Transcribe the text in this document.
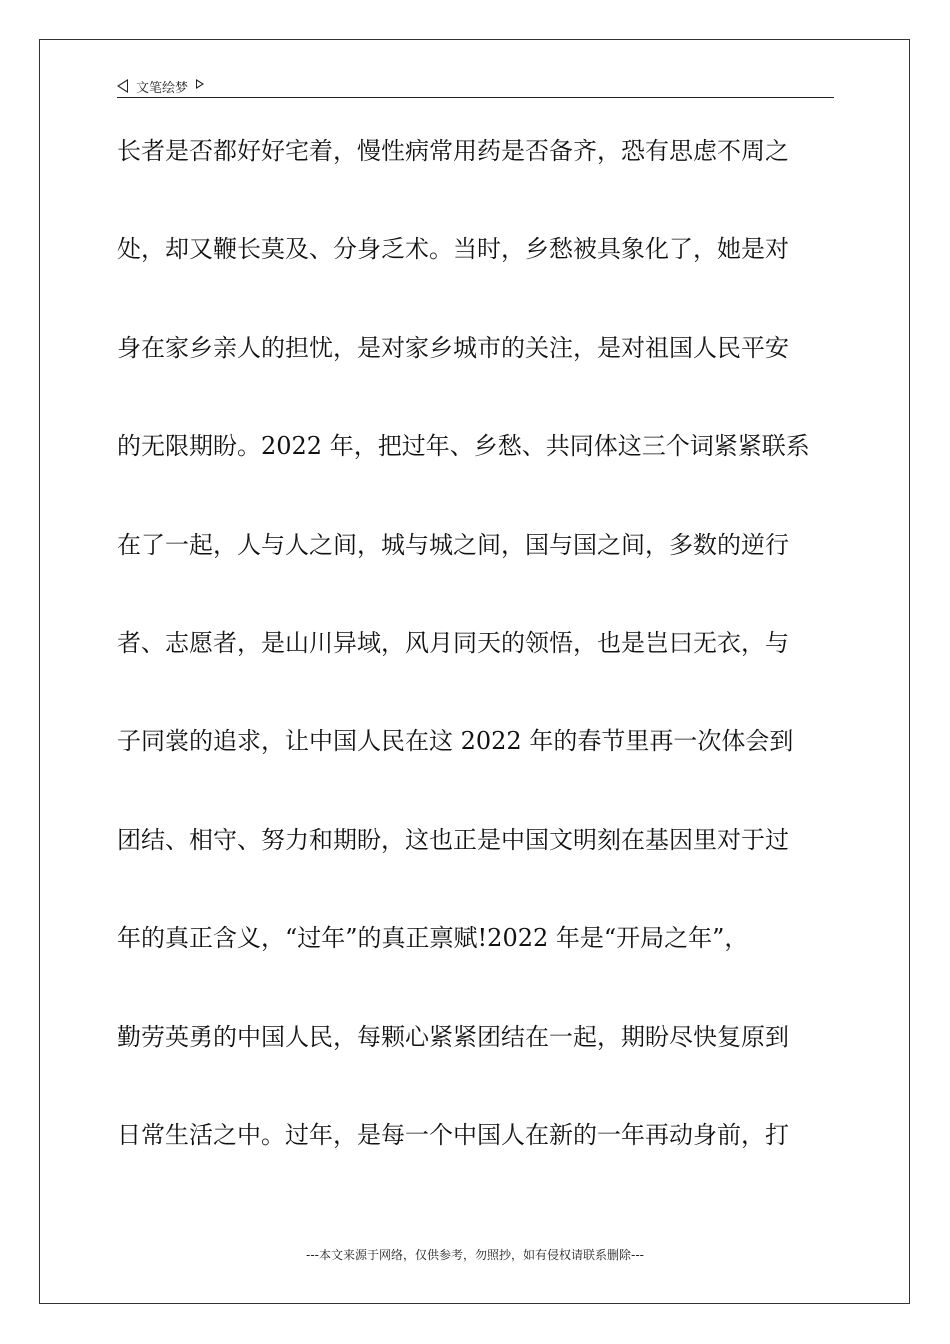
文笔绘梦
长者是否都好好宅着，慢性病常用药是否备齐，恐有思虑不周之
处，却又鞭长莫及、分身乏术。当时，乡愁被具象化了，她是对
身在家乡亲人的担忧，是对家乡城市的关注，是对祖国人民平安
的无限期盼。2022 年，把过年、乡愁、共同体这三个词紧紧联系
在了一起，人与人之间，城与城之间，国与国之间，多数的逆行
者、志愿者，是山川异域，风月同天的领悟，也是岂曰无衣，与
子同裳的追求，让中国人民在这 2022 年的春节里再一次体会到
团结、相守、努力和期盼，这也正是中国文明刻在基因里对于过
年的真正含义，“过年”的真正禀赋!2022 年是“开局之年”，
勤劳英勇的中国人民，每颗心紧紧团结在一起，期盼尽快复原到
日常生活之中。过年，是每一个中国人在新的一年再动身前，打
---本文来源于网络，仅供参考，勿照抄，如有侵权请联系删除---
